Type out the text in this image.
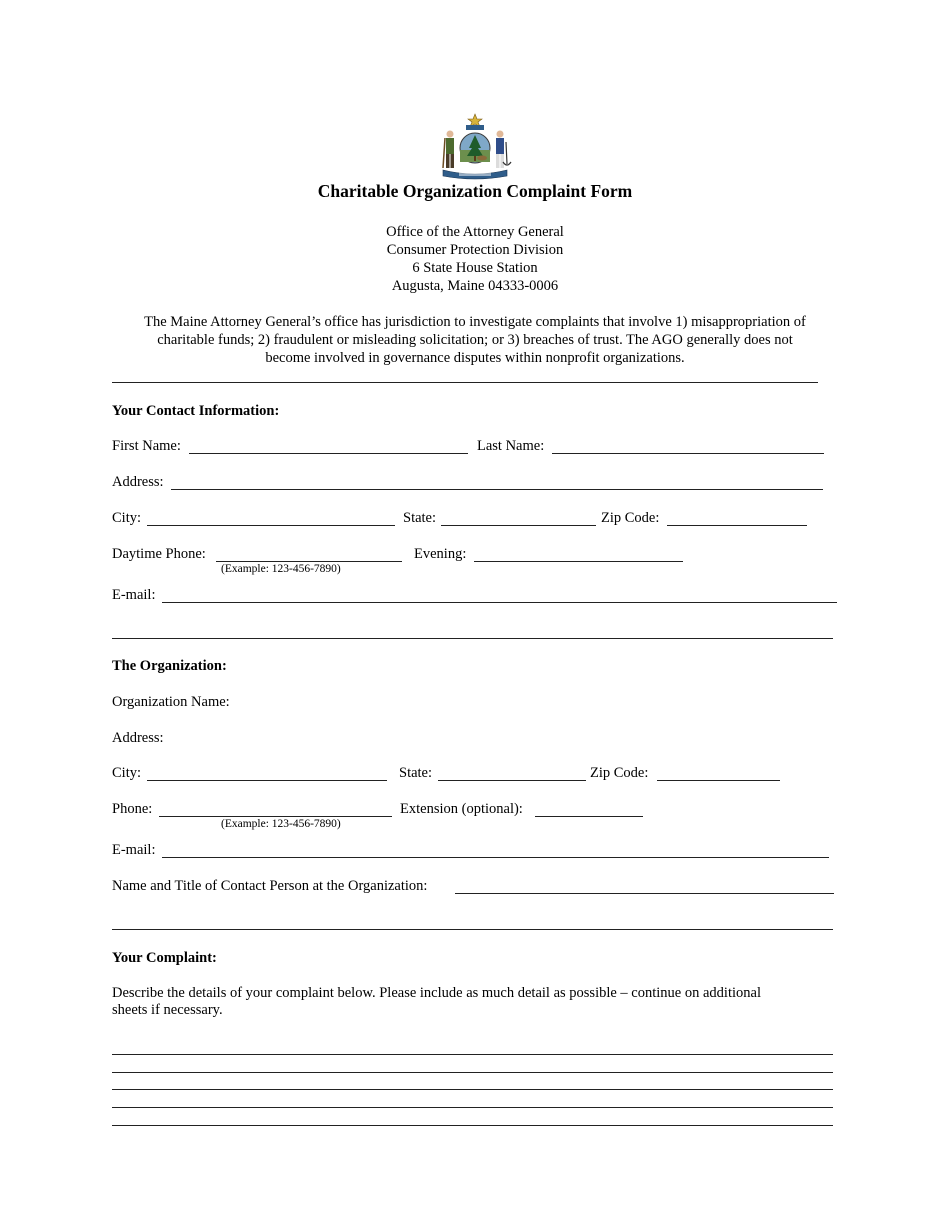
Charitable Organization Complaint Form
Office of the Attorney General
Consumer Protection Division
6 State House Station
Augusta, Maine 04333-0006
The Maine Attorney General’s office has jurisdiction to investigate complaints that involve 1) misappropriation of
charitable funds; 2) fraudulent or misleading solicitation; or 3) breaches of trust. The AGO generally does not
become involved in governance disputes within nonprofit organizations.
Your Contact Information:
First Name:	Last Name:
Address:
City:	State:	Zip Code:
Daytime Phone:	Evening:
(Example: 123-456-7890)
E-mail:
The Organization:
Organization Name:
Address:
City:	State:	Zip Code:
Phone:	Extension (optional):
(Example: 123-456-7890)
E-mail:
Name and Title of Contact Person at the Organization:
Your Complaint:
Describe the details of your complaint below. Please include as much detail as possible – continue on additional
sheets if necessary.
